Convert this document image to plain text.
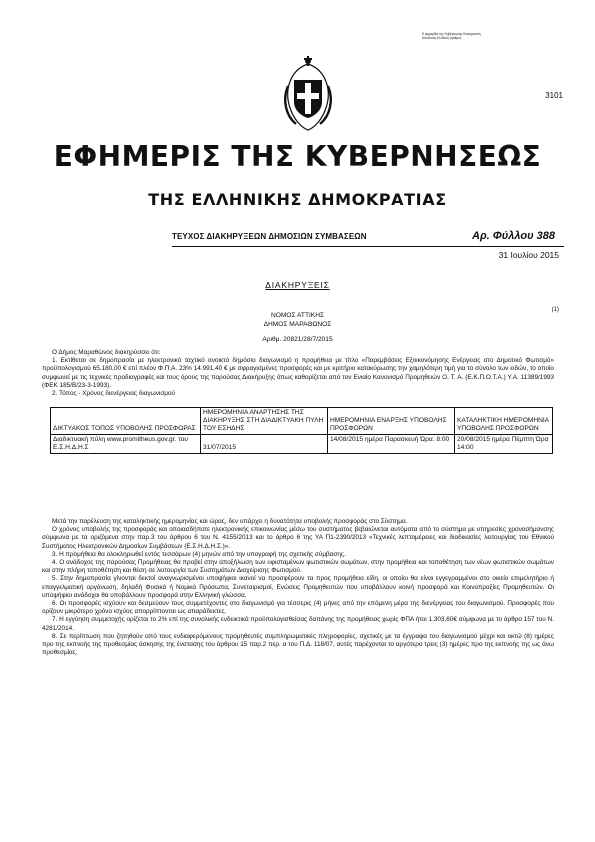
3101
Ε φημερίδα της Κυβέρνησης Ηλεκτρονική Αποστολή Κωδικός Αριθμός
ΕΦΗΜΕΡΙΣ ΤΗΣ ΚΥΒΕΡΝΗΣΕΩΣ
ΤΗΣ ΕΛΛΗΝΙΚΗΣ ΔΗΜΟΚΡΑΤΙΑΣ
ΤΕΥΧΟΣ ΔΙΑΚΗΡΥΞΕΩΝ ΔΗΜΟΣΙΩΝ ΣΥΜΒΑΣΕΩΝ	Αρ. Φύλλου 388
31 Ιουλίου 2015
ΔΙΑΚΗΡΥΞΕΙΣ
(1)
ΝΟΜΟΣ ΑΤΤΙΚΗΣ
ΔΗΜΟΣ ΜΑΡΑΘΩΝΟΣ
Αριθμ. 20821/28/7/2015

Ο Δήμος Μαραθώνος διακηρύσσει ότι:

1. Εκτίθεται σε δημοπρασία με ηλεκτρονικό ταχτικό ανοικτό δημόσιο διαγωνισμό η προμήθεια με τίτλο «Παρεμβάσεις Εξοικονόμησης Ενέργειας στο Δημοτικό Φωτισμό» προϋπολογισμού 65.180,00 € επί πλέον Φ.Π.Α. 23% 14.991,40 € με σφραγισμένες προσφορές και με κριτήριο κατακύρωσης την χαμηλότερη τιμή για το σύνολο των ειδών, το οποίο συμφωνεί με τις τεχνικές προδιαγραφές και τους όρους της παρούσας Διακήρυξης όπως καθορίζεται από τον Ενιαίο Κανονισμό Προμηθειών Ο. Τ. Α. (Ε.Κ.Π.Ο.Τ.Α.) Υ.Α. 11389/1993 (ΦΕΚ 185/Β/23-3-1993).

2. Τόπος - Χρόνος διενέργειας διαγωνισμού

ΔΙΚΤΥΑΚΟΣ ΤΟΠΟΣ ΥΠΟΒΟΛΗΣ ΠΡΟΣΦΟΡΑΣ	ΗΜΕΡΟΜΗΝΙΑ ΑΝΑΡΤΗΣΗΣ ΤΗΣ ΔΙΑΚΗΡΥΞΗΣ ΣΤΗ ΔΙΑΔΙΚΤΥΑΚΗ ΠΥΛΗ ΤΟΥ ΕΣΗΔΗΣ	ΗΜΕΡΟΜΗΝΙΑ ΕΝΑΡΞΗΣ ΥΠΟΒΟΛΗΣ ΠΡΟΣΦΟΡΩΝ	ΚΑΤΑΛΗΚΤΙΚΗ ΗΜΕΡΟΜΗΝΙΑ ΥΠΟΒΟΛΗΣ ΠΡΟΣΦΟΡΩΝ
Διαδικτυακή πύλη www.promitheus.gov.gr. του Ε.Σ.Η.Δ.Η.Σ	31/07/2015	14/08/2015 ημέρα Παρασκευή Ώρα: 8:00	20/08/2015 ημέρα Πέμπτη Ώρα 14:00

Μετά την παρέλευση της καταληκτικής ημερομηνίας και ώρας, δεν υπάρχει η δυνατότητα υποβολής προσφοράς στο Σύστημα.

Ο χρόνος υποβολής της προσφοράς και οποιασδήποτε ηλεκτρονικής επικοινωνίας μέσω του συστήματος βεβαιώνεται αυτόματα από το σύστημα με υπηρεσίες χρονοσήμανσης σύμφωνα με τα οριζόμενα στην παρ.3 του άρθρου 6 του Ν. 4155/2013 και το άρθρο 6 της ΥΑ Π1-2390/2013 «Τεχνικές λεπτομέρειες και διαδικασίες λειτουργίας του Εθνικού Συστήματος Ηλεκτρονικών Δημοσίων Συμβάσεων (Ε.Σ.Η.Δ.Η.Σ.)».

3. Η προμήθεια θα ολοκληρωθεί εντός τεσσάρων (4) μηνών από την υπογραφή της σχετικής σύμβασης.

4. Ο ανάδοχος της παρούσας Προμήθειας θα προβεί στην αποξήλωση των υφισταμένων φωτιστικών σωμάτων, στην προμήθεια και τοποθέτηση των νέων φωτιστικών σωμάτων και στην πλήρη τοποθέτηση και θέση σε λειτουργία των Συστημάτων Διαχείρισης Φωτισμού.

5. Στην δημοπρασία γίνονται δεκτοί αναγνωρισμένοι υποψήφιοι ικανοί να προσφέρουν τα προς προμήθεια είδη, οι οποίοι θα είναι εγγεγραμμένοι στο οικείο επιμελητήριο ή επαγγελματική οργάνωση, δηλαδή Φυσικά ή Νομικά Πρόσωπα, Συνεταιρισμοί, Ενώσεις Προμηθευτών που υποβάλλουν κοινή προσφορά και Κοινοπραξίες Προμηθευτών. Οι υποψήφιοι ανάδοχοι θα υποβάλλουν προσφορά στην Ελληνική γλώσσα.

6. Οι προσφορές ισχύουν και δεσμεύουν τους συμμετέχοντες στο διαγωνισμό για τέσσερις (4) μήνες από την επόμενη μέρα της διενέργειας του διαγωνισμού. Προσφορές που ορίζουν μικρότερο χρόνο ισχύος απορρίπτονται ως απαράδεκτες.

7. Η εγγύηση συμμετοχής ορίζεται το 2% επί της συνολικής ενδεικτικά προϋπολογισθείσας δαπάνης της προμήθειας χωρίς ΦΠΑ ήτοι 1.303,60€ σύμφωνα με το άρθρο 157 του Ν. 4281/2014.

8. Σε περίπτωση που ζητηθούν από τους ενδιαφερόμενους προμηθευτές συμπληρωματικές πληροφορίες, σχετικές με τα έγγραφα του διαγωνισμού μέχρι και οκτώ (8) ημέρες προ της εκπνοής της προθεσμίας άσκησης της ένστασης του άρθρου 15 παρ.2 περ. α του Π.Δ. 118/07, αυτές παρέχονται το αργότερο τρεις (3) ημέρες προ της εκπνοής της ως άνω προθεσμίας.
